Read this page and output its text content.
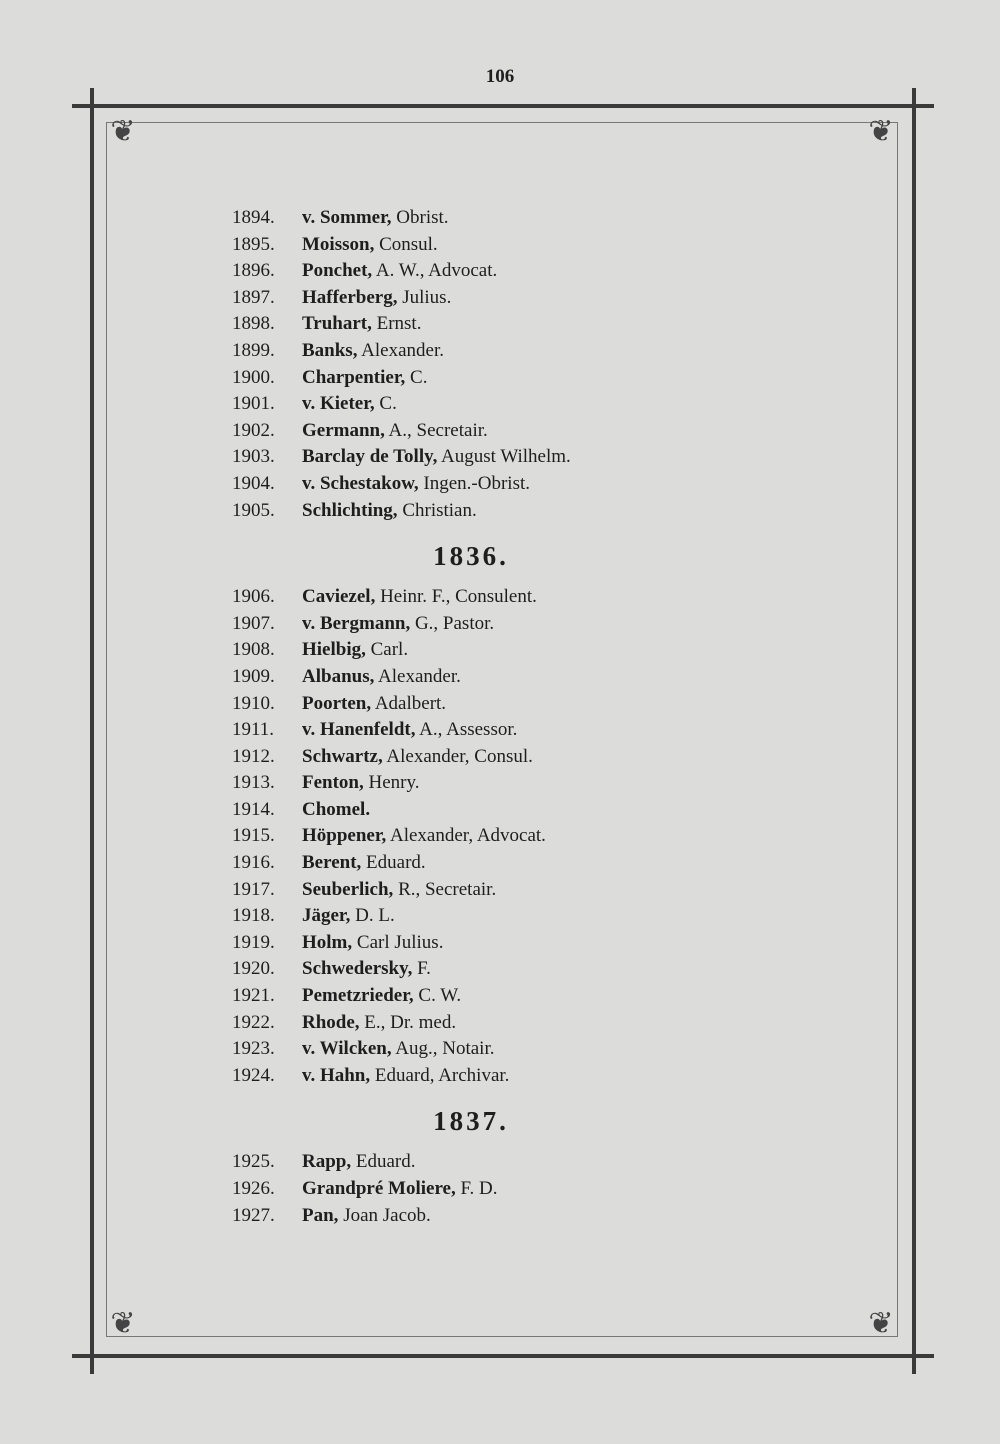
106
❦	❦
❦	❦
1894. v. Sommer, Obrist.
1895. Moisson, Consul.
1896. Ponchet, A. W., Advocat.
1897. Hafferberg, Julius.
1898. Truhart, Ernst.
1899. Banks, Alexander.
1900. Charpentier, C.
1901. v. Kieter, C.
1902. Germann, A., Secretair.
1903. Barclay de Tolly, August Wilhelm.
1904. v. Schestakow, Ingen.-Obrist.
1905. Schlichting, Christian.
1836.
1906. Caviezel, Heinr. F., Consulent.
1907. v. Bergmann, G., Pastor.
1908. Hielbig, Carl.
1909. Albanus, Alexander.
1910. Poorten, Adalbert.
1911. v. Hanenfeldt, A., Assessor.
1912. Schwartz, Alexander, Consul.
1913. Fenton, Henry.
1914. Chomel.
1915. Höppener, Alexander, Advocat.
1916. Berent, Eduard.
1917. Seuberlich, R., Secretair.
1918. Jäger, D. L.
1919. Holm, Carl Julius.
1920. Schwedersky, F.
1921. Pemetzrieder, C. W.
1922. Rhode, E., Dr. med.
1923. v. Wilcken, Aug., Notair.
1924. v. Hahn, Eduard, Archivar.
1837.
1925. Rapp, Eduard.
1926. Grandpré Moliere, F. D.
1927. Pan, Joan Jacob.
